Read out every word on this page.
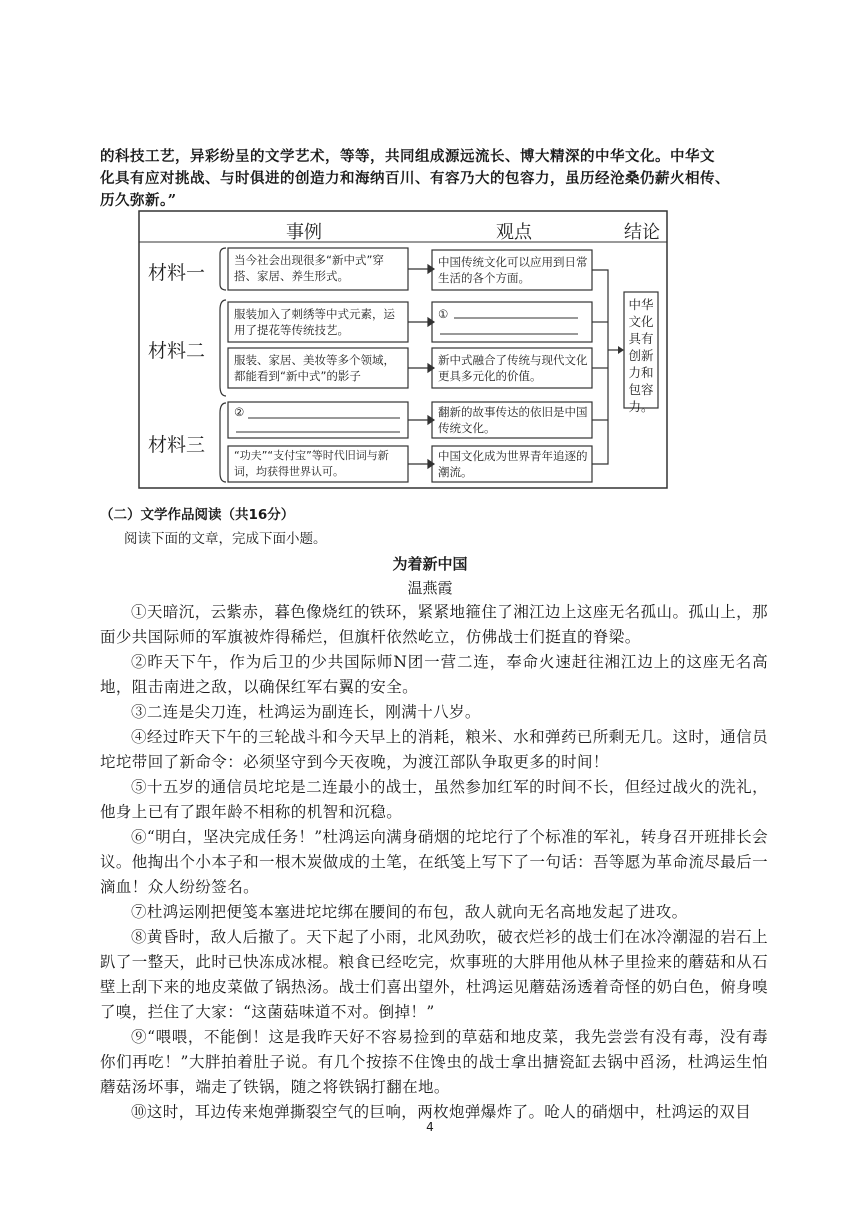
的科技工艺，异彩纷呈的文学艺术，等等，共同组成源远流长、博大精深的中华文化。中华文

化具有应对挑战、与时俱进的创造力和海纳百川、有容乃大的包容力，虽历经沧桑仍薪火相传、

历久弥新。”

事例	观点	结论
材料一
材料二
材料三
当今社会出现很多“新中式”穿搭、家居、养生形式。
中国传统文化可以应用到日常生活的各个方面。
服装加入了刺绣等中式元素，运用了提花等传统技艺。
服装、家居、美妆等多个领域，都能看到“新中式”的影子
①
新中式融合了传统与现代文化更具多元化的价值。
②
“功夫”“支付宝”等时代旧词与新词，均获得世界认可。
翻新的故事传达的依旧是中国传统文化。
中国文化成为世界青年追逐的潮流。
中华文化具有创新力和包容力。
（二）文学作品阅读（共16分）
阅读下面的文章，完成下面小题。
为着新中国
温燕霞

①天暗沉，云紫赤，暮色像烧红的铁环，紧紧地箍住了湘江边上这座无名孤山。孤山上，那面少共国际师的军旗被炸得稀烂，但旗杆依然屹立，仿佛战士们挺直的脊梁。

②昨天下午，作为后卫的少共国际师N团一营二连，奉命火速赶往湘江边上的这座无名高地，阻击南进之敌，以确保红军右翼的安全。

③二连是尖刀连，杜鸿运为副连长，刚满十八岁。

④经过昨天下午的三轮战斗和今天早上的消耗，粮米、水和弹药已所剩无几。这时，通信员坨坨带回了新命令：必须坚守到今天夜晚，为渡江部队争取更多的时间！

⑤十五岁的通信员坨坨是二连最小的战士，虽然参加红军的时间不长，但经过战火的洗礼，他身上已有了跟年龄不相称的机智和沉稳。

⑥“明白，坚决完成任务！”杜鸿运向满身硝烟的坨坨行了个标准的军礼，转身召开班排长会议。他掏出个小本子和一根木炭做成的土笔，在纸笺上写下了一句话：吾等愿为革命流尽最后一滴血！众人纷纷签名。

⑦杜鸿运刚把便笺本塞进坨坨绑在腰间的布包，敌人就向无名高地发起了进攻。

⑧黄昏时，敌人后撤了。天下起了小雨，北风劲吹，破衣烂衫的战士们在冰冷潮湿的岩石上趴了一整天，此时已快冻成冰棍。粮食已经吃完，炊事班的大胖用他从林子里捡来的蘑菇和从石壁上刮下来的地皮菜做了锅热汤。战士们喜出望外，杜鸿运见蘑菇汤透着奇怪的奶白色，俯身嗅了嗅，拦住了大家：“这菌菇味道不对。倒掉！”

⑨“喂喂，不能倒！这是我昨天好不容易捡到的草菇和地皮菜，我先尝尝有没有毒，没有毒你们再吃！”大胖拍着肚子说。有几个按捺不住馋虫的战士拿出搪瓷缸去锅中舀汤，杜鸿运生怕蘑菇汤坏事，端走了铁锅，随之将铁锅打翻在地。

⑩这时，耳边传来炮弹撕裂空气的巨响，两枚炮弹爆炸了。呛人的硝烟中，杜鸿运的双目

4
